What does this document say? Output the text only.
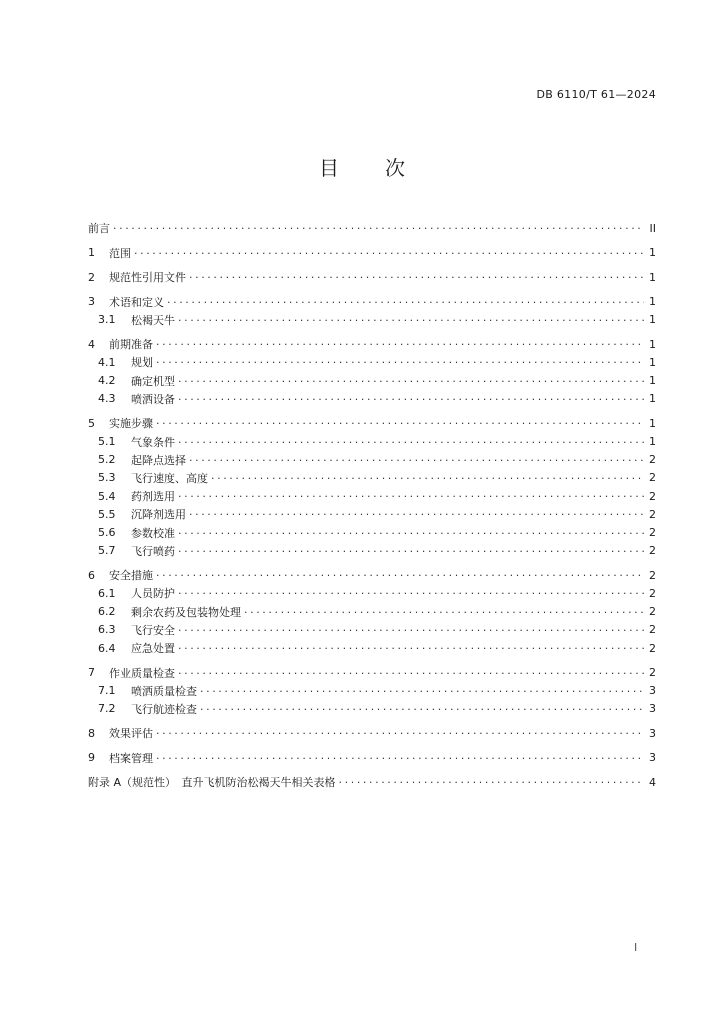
DB 6110/T 61—2024
目 次
前言 .....	II
1	范围 .....	1
2	规范性引用文件 .....	1
3	术语和定义 .....	1
3.1	松褐天牛 .....	1
4	前期准备 .....	1
4.1	规划 .....	1
4.2	确定机型 .....	1
4.3	喷洒设备 .....	1
5	实施步骤 .....	1
5.1	气象条件 .....	1
5.2	起降点选择 .....	2
5.3	飞行速度、高度 .....	2
5.4	药剂选用 .....	2
5.5	沉降剂选用 .....	2
5.6	参数校准 .....	2
5.7	飞行喷药 .....	2
6	安全措施 .....	2
6.1	人员防护 .....	2
6.2	剩余农药及包装物处理 .....	2
6.3	飞行安全 .....	2
6.4	应急处置 .....	2
7	作业质量检查 .....	2
7.1	喷洒质量检查 .....	3
7.2	飞行航迹检查 .....	3
8	效果评估 .....	3
9	档案管理 .....	3
附录 A（规范性）　直升飞机防治松褐天牛相关表格 .....	4
I
